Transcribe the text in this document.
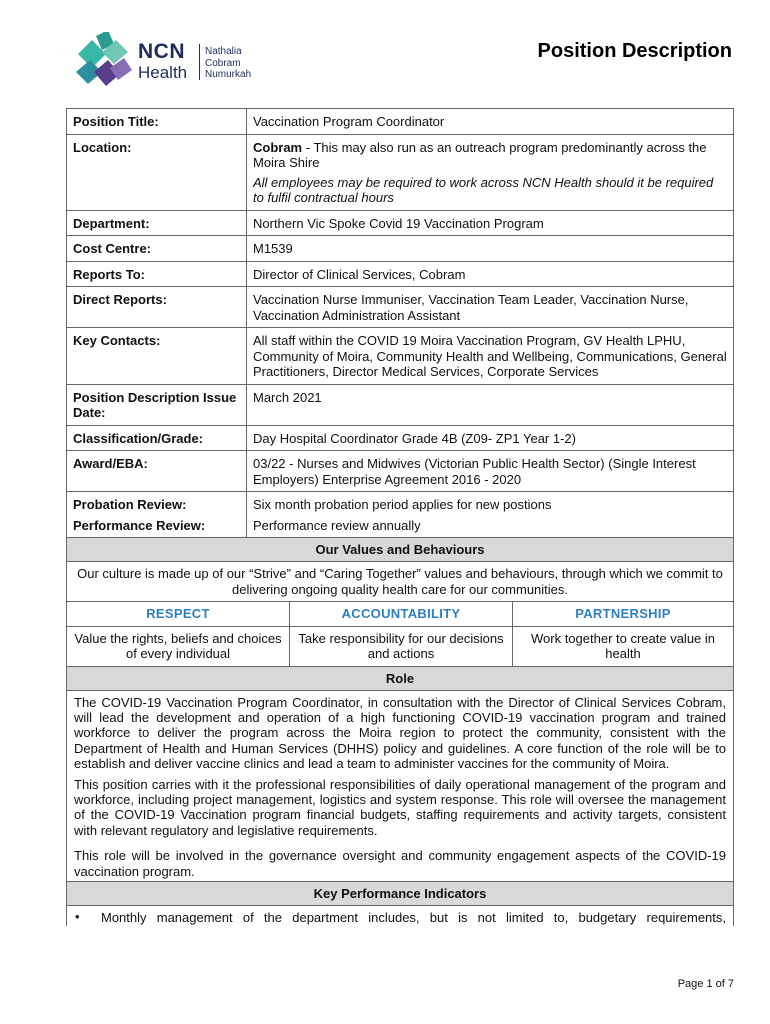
NCN
Health
Nathalia
Cobram
Numurkah
Position Description
Position Title:	Vaccination Program Coordinator
Location:	Cobram - This may also run as an outreach program predominantly across the Moira Shire

All employees may be required to work across NCN Health should it be required to fulfil contractual hours

Department:	Northern Vic Spoke Covid 19 Vaccination Program
Cost Centre:	M1539
Reports To:	Director of Clinical Services, Cobram
Direct Reports:	Vaccination Nurse Immuniser, Vaccination Team Leader, Vaccination Nurse, Vaccination Administration Assistant
Key Contacts:	All staff within the COVID 19 Moira Vaccination Program, GV Health LPHU, Community of Moira, Community Health and Wellbeing, Communications, General Practitioners, Director Medical Services, Corporate Services
Position Description Issue Date:	March 2021
Classification/Grade:	Day Hospital Coordinator Grade 4B (Z09- ZP1 Year 1-2)
Award/EBA:	03/22 - Nurses and Midwives (Victorian Public Health Sector) (Single Interest Employers) Enterprise Agreement 2016 - 2020
Probation Review:	Six month probation period applies for new postions
Performance Review:	Performance review annually
Our Values and Behaviours
Our culture is made up of our “Strive” and “Caring Together” values and behaviours, through which we commit to delivering ongoing quality health care for our communities.
RESPECT	ACCOUNTABILITY	PARTNERSHIP
Value the rights, beliefs and choices of every individual	Take responsibility for our decisions and actions	Work together to create value in health
Role

The COVID-19 Vaccination Program Coordinator, in consultation with the Director of Clinical Services Cobram, will lead the development and operation of a high functioning COVID-19 vaccination program and trained workforce to deliver the program across the Moira region to protect the community, consistent with the Department of Health and Human Services (DHHS) policy and guidelines. A core function of the role will be to establish and deliver vaccine clinics and lead a team to administer vaccines for the community of Moira.

This position carries with it the professional responsibilities of daily operational management of the program and workforce, including project management, logistics and system response. This role will oversee the management of the COVID-19 Vaccination program financial budgets, staffing requirements and activity targets, consistent with relevant regulatory and legislative requirements.

This role will be involved in the governance oversight and community engagement aspects of the COVID-19 vaccination program.

Key Performance Indicators
• Monthly management of the department includes, but is not limited to, budgetary requirements,
Page 1 of 7
